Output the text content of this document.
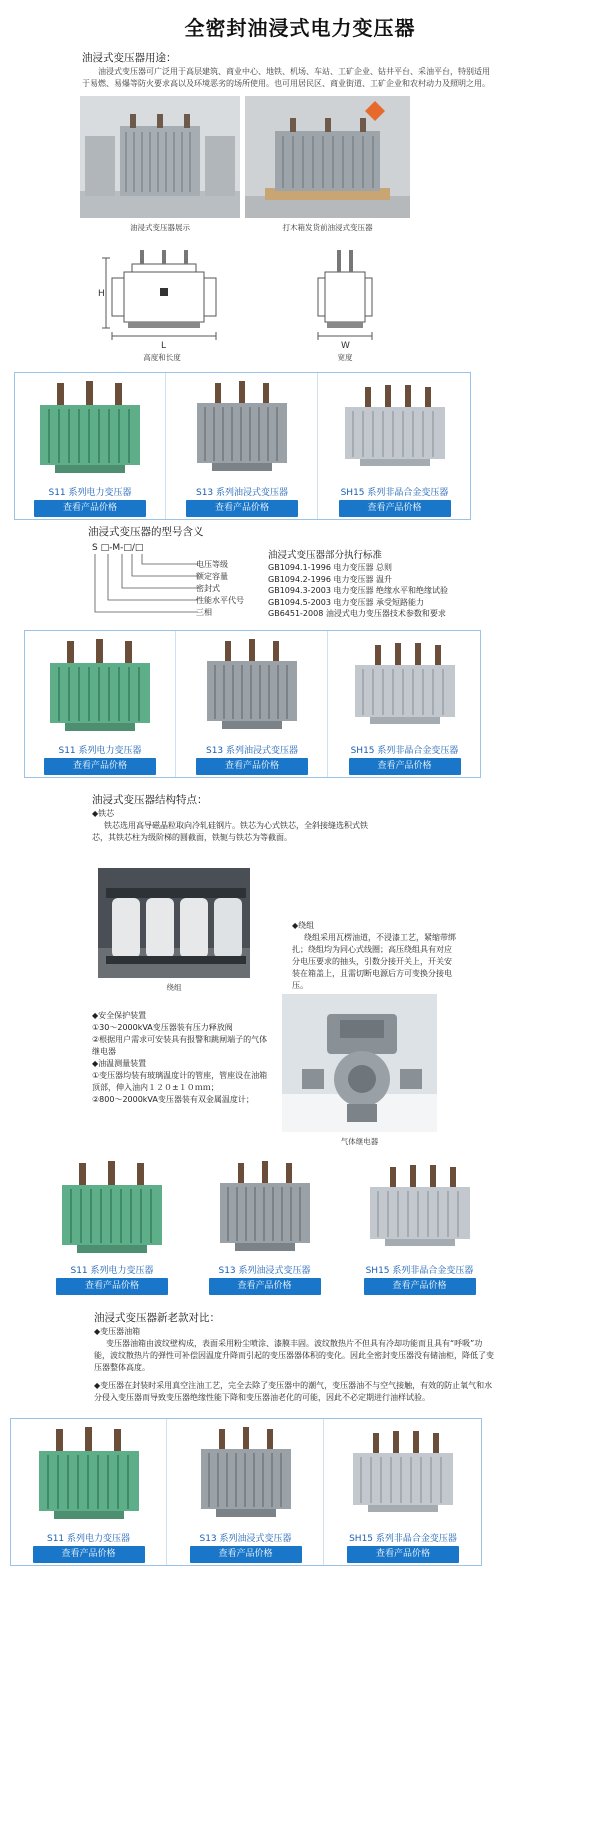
全密封油浸式电力变压器
油浸式变压器用途：
油浸式变压器可广泛用于高层建筑、商业中心、地铁、机场、车站、工矿企业、钻井平台、采油平台，特别适用于易燃、易爆等防火要求高以及环境恶劣的场所使用。也可用居民区、商业街道、工矿企业和农村动力及照明之用。
油浸式变压器展示	打木箱发货前油浸式变压器
H
L
高度和长度
W
宽度
S11 系列电力变压器
查看产品价格
S13 系列油浸式变压器
查看产品价格
SH15 系列非晶合金变压器
查看产品价格
油浸式变压器的型号含义
S □-M-□/□
电压等级
额定容量
密封式
性能水平代号
三相
油浸式变压器部分执行标准
GB1094.1-1996 电力变压器 总则
GB1094.2-1996 电力变压器 温升
GB1094.3-2003 电力变压器 绝缘水平和绝缘试验
GB1094.5-2003 电力变压器 承受短路能力
GB6451-2008 油浸式电力变压器技术参数和要求
S11 系列电力变压器
查看产品价格
S13 系列油浸式变压器
查看产品价格
SH15 系列非晶合金变压器
查看产品价格
油浸式变压器结构特点：
◆铁芯
铁芯选用高导磁晶粒取向冷轧硅钢片。铁芯为心式铁芯，全斜接缝选积式铁芯，其铁芯柱为级阶梯的圆截面，铁轭与铁芯为等截面。
绕组
◆绕组
绕组采用瓦楞油道，不浸漆工艺，紧缩带绑扎；绕组均为同心式线圈；高压绕组具有对应分电压要求的抽头，引数分接开关上，开关安装在箱盖上，且需切断电源后方可变换分接电压。
◆安全保护装置
①30～2000kVA变压器装有压力释放阀
②根据用户需求可安装具有报警和跳闸端子的气体继电器
◆油温测量装置
①变压器均装有玻璃温度计的管座，管座设在油箱顶部，伸入油内１２０±１０ｍｍ；
②800～2000kVA变压器装有双金属温度计；
气体继电器
S11 系列电力变压器
查看产品价格
S13 系列油浸式变压器
查看产品价格
SH15 系列非晶合金变压器
查看产品价格
油浸式变压器新老款对比：
◆变压器油箱
变压器油箱由波纹壁构成，表面采用粉尘喷涂、漆膜丰固。波纹散热片不但具有冷却功能而且具有“呼吸”功能，波纹散热片的弹性可补偿因温度升降而引起的变压器器体积的变化。因此全密封变压器没有储油柜，降低了变压器整体高度。
◆变压器在封装时采用真空注油工艺，完全去除了变压器中的潮气，变压器油不与空气接触，有效的防止氧气和水分侵入变压器而导致变压器绝缘性能下降和变压器油老化的可能，因此不必定期进行油样试验。
S11 系列电力变压器
查看产品价格
S13 系列油浸式变压器
查看产品价格
SH15 系列非晶合金变压器
查看产品价格
